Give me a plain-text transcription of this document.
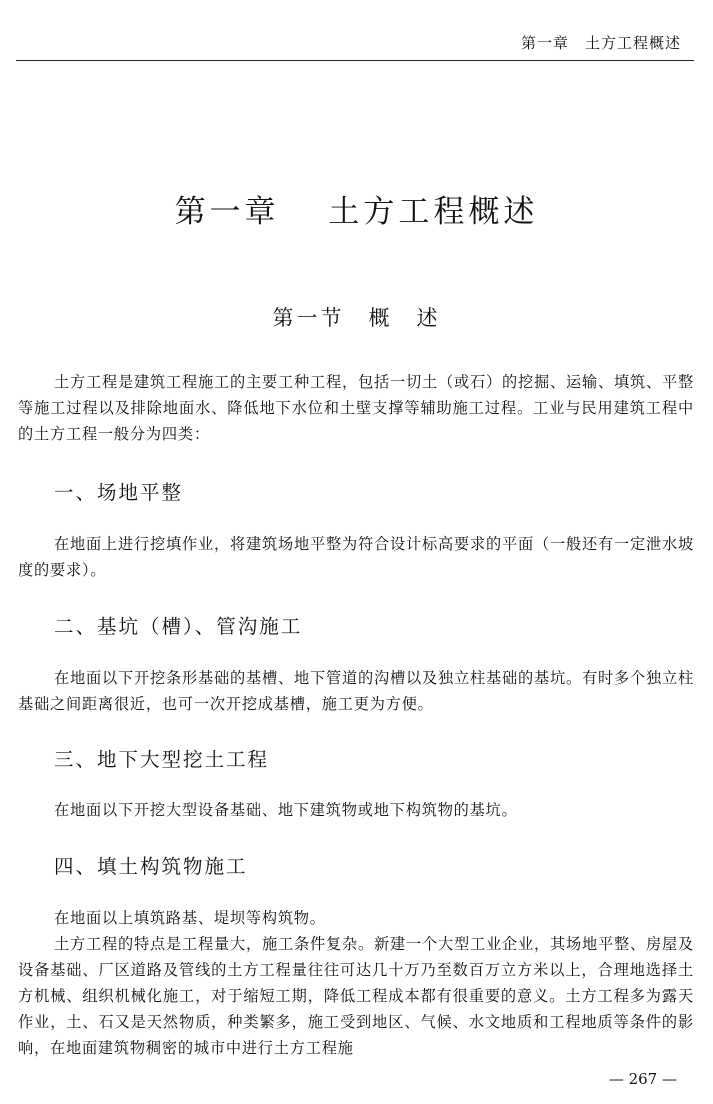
第一章　土方工程概述
第一章　 土方工程概述
第一节　概　述

土方工程是建筑工程施工的主要工种工程，包括一切土（或石）的挖掘、运输、填筑、平整等施工过程以及排除地面水、降低地下水位和土壁支撑等辅助施工过程。工业与民用建筑工程中的土方工程一般分为四类：

一、场地平整

在地面上进行挖填作业，将建筑场地平整为符合设计标高要求的平面（一般还有一定泄水坡度的要求）。

二、基坑（槽）、管沟施工

在地面以下开挖条形基础的基槽、地下管道的沟槽以及独立柱基础的基坑。有时多个独立柱基础之间距离很近，也可一次开挖成基槽，施工更为方便。

三、地下大型挖土工程

在地面以下开挖大型设备基础、地下建筑物或地下构筑物的基坑。

四、填土构筑物施工

在地面以上填筑路基、堤坝等构筑物。

土方工程的特点是工程量大，施工条件复杂。新建一个大型工业企业，其场地平整、房屋及设备基础、厂区道路及管线的土方工程量往往可达几十万乃至数百万立方米以上，合理地选择土方机械、组织机械化施工，对于缩短工期，降低工程成本都有很重要的意义。土方工程多为露天作业，土、石又是天然物质，种类繁多，施工受到地区、气候、水文地质和工程地质等条件的影响，在地面建筑物稠密的城市中进行土方工程施

— 267 —
